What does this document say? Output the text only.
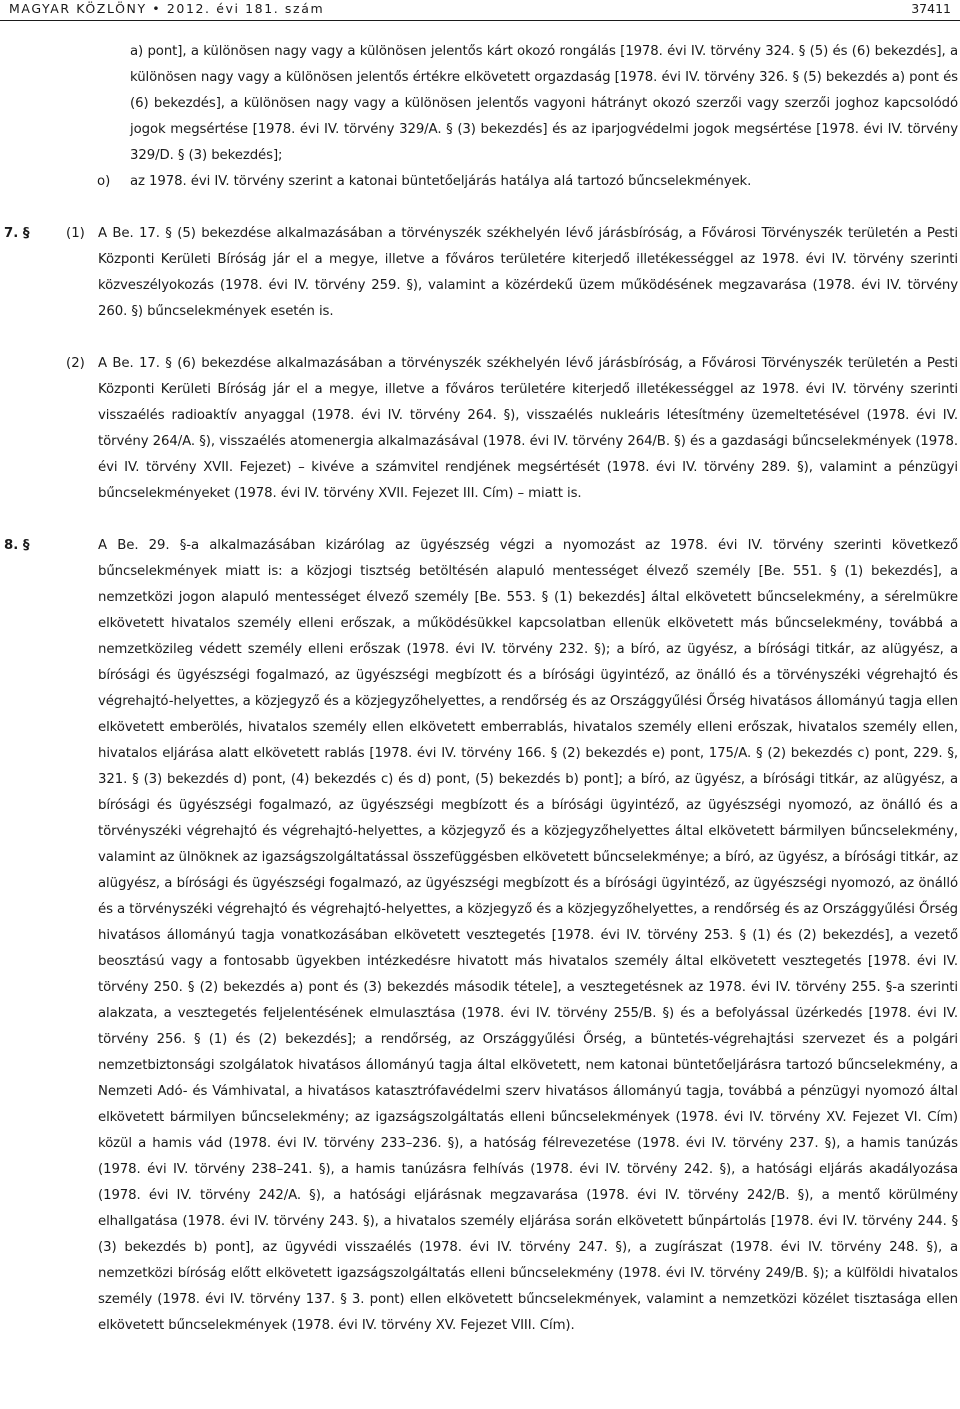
MAGYAR KÖZLÖNY • 2012. évi 181. szám	37411
a) pont], a különösen nagy vagy a különösen jelentős kárt okozó rongálás [1978. évi IV. törvény 324. § (5) és (6) bekezdés], a különösen nagy vagy a különösen jelentős értékre elkövetett orgazdaság [1978. évi IV. törvény 326. § (5) bekezdés a) pont és (6) bekezdés], a különösen nagy vagy a különösen jelentős vagyoni hátrányt okozó szerzői vagy szerzői joghoz kapcsolódó jogok megsértése [1978. évi IV. törvény 329/A. § (3) bekezdés] és az iparjogvédelmi jogok megsértése [1978. évi IV. törvény 329/D. § (3) bekezdés];
o) az 1978. évi IV. törvény szerint a katonai büntetőeljárás hatálya alá tartozó bűncselekmények.
7. §	(1) A Be. 17. § (5) bekezdése alkalmazásában a törvényszék székhelyén lévő járásbíróság, a Fővárosi Törvényszék területén a Pesti Központi Kerületi Bíróság jár el a megye, illetve a főváros területére kiterjedő illetékességgel az 1978. évi IV. törvény szerinti közveszélyokozás (1978. évi IV. törvény 259. §), valamint a közérdekű üzem működésének megzavarása (1978. évi IV. törvény 260. §) bűncselekmények esetén is.
(2) A Be. 17. § (6) bekezdése alkalmazásában a törvényszék székhelyén lévő járásbíróság, a Fővárosi Törvényszék területén a Pesti Központi Kerületi Bíróság jár el a megye, illetve a főváros területére kiterjedő illetékességgel az 1978. évi IV. törvény szerinti visszaélés radioaktív anyaggal (1978. évi IV. törvény 264. §), visszaélés nukleáris létesítmény üzemeltetésével (1978. évi IV. törvény 264/A. §), visszaélés atomenergia alkalmazásával (1978. évi IV. törvény 264/B. §) és a gazdasági bűncselekmények (1978. évi IV. törvény XVII. Fejezet) – kivéve a számvitel rendjének megsértését (1978. évi IV. törvény 289. §), valamint a pénzügyi bűncselekményeket (1978. évi IV. törvény XVII. Fejezet III. Cím) – miatt is.
8. §	A Be. 29. §-a alkalmazásában kizárólag az ügyészség végzi a nyomozást az 1978. évi IV. törvény szerinti következő bűncselekmények miatt is: a közjogi tisztség betöltésén alapuló mentességet élvező személy [Be. 551. § (1) bekezdés], a nemzetközi jogon alapuló mentességet élvező személy [Be. 553. § (1) bekezdés] által elkövetett bűncselekmény, a sérelmükre elkövetett hivatalos személy elleni erőszak, a működésükkel kapcsolatban ellenük elkövetett más bűncselekmény, továbbá a nemzetközileg védett személy elleni erőszak (1978. évi IV. törvény 232. §); a bíró, az ügyész, a bírósági titkár, az alügyész, a bírósági és ügyészségi fogalmazó, az ügyészségi megbízott és a bírósági ügyintéző, az önálló és a törvényszéki végrehajtó és végrehajtó-helyettes, a közjegyző és a közjegyzőhelyettes, a rendőrség és az Országgyűlési Őrség hivatásos állományú tagja ellen elkövetett emberölés, hivatalos személy ellen elkövetett emberrablás, hivatalos személy elleni erőszak, hivatalos személy ellen, hivatalos eljárása alatt elkövetett rablás [1978. évi IV. törvény 166. § (2) bekezdés e) pont, 175/A. § (2) bekezdés c) pont, 229. §, 321. § (3) bekezdés d) pont, (4) bekezdés c) és d) pont, (5) bekezdés b) pont]; a bíró, az ügyész, a bírósági titkár, az alügyész, a bírósági és ügyészségi fogalmazó, az ügyészségi megbízott és a bírósági ügyintéző, az ügyészségi nyomozó, az önálló és a törvényszéki végrehajtó és végrehajtó-helyettes, a közjegyző és a közjegyzőhelyettes által elkövetett bármilyen bűncselekmény, valamint az ülnöknek az igazságszolgáltatással összefüggésben elkövetett bűncselekménye; a bíró, az ügyész, a bírósági titkár, az alügyész, a bírósági és ügyészségi fogalmazó, az ügyészségi megbízott és a bírósági ügyintéző, az ügyészségi nyomozó, az önálló és a törvényszéki végrehajtó és végrehajtó-helyettes, a közjegyző és a közjegyzőhelyettes, a rendőrség és az Országgyűlési Őrség hivatásos állományú tagja vonatkozásában elkövetett vesztegetés [1978. évi IV. törvény 253. § (1) és (2) bekezdés], a vezető beosztású vagy a fontosabb ügyekben intézkedésre hivatott más hivatalos személy által elkövetett vesztegetés [1978. évi IV. törvény 250. § (2) bekezdés a) pont és (3) bekezdés második tétele], a vesztegetésnek az 1978. évi IV. törvény 255. §-a szerinti alakzata, a vesztegetés feljelentésének elmulasztása (1978. évi IV. törvény 255/B. §) és a befolyással üzérkedés [1978. évi IV. törvény 256. § (1) és (2) bekezdés]; a rendőrség, az Országgyűlési Őrség, a büntetés-végrehajtási szervezet és a polgári nemzetbiztonsági szolgálatok hivatásos állományú tagja által elkövetett, nem katonai büntetőeljárásra tartozó bűncselekmény, a Nemzeti Adó- és Vámhivatal, a hivatásos katasztrófavédelmi szerv hivatásos állományú tagja, továbbá a pénzügyi nyomozó által elkövetett bármilyen bűncselekmény; az igazságszolgáltatás elleni bűncselekmények (1978. évi IV. törvény XV. Fejezet VI. Cím) közül a hamis vád (1978. évi IV. törvény 233–236. §), a hatóság félrevezetése (1978. évi IV. törvény 237. §), a hamis tanúzás (1978. évi IV. törvény 238–241. §), a hamis tanúzásra felhívás (1978. évi IV. törvény 242. §), a hatósági eljárás akadályozása (1978. évi IV. törvény 242/A. §), a hatósági eljárásnak megzavarása (1978. évi IV. törvény 242/B. §), a mentő körülmény elhallgatása (1978. évi IV. törvény 243. §), a hivatalos személy eljárása során elkövetett bűnpártolás [1978. évi IV. törvény 244. § (3) bekezdés b) pont], az ügyvédi visszaélés (1978. évi IV. törvény 247. §), a zugírászat (1978. évi IV. törvény 248. §), a nemzetközi bíróság előtt elkövetett igazságszolgáltatás elleni bűncselekmény (1978. évi IV. törvény 249/B. §); a külföldi hivatalos személy (1978. évi IV. törvény 137. § 3. pont) ellen elkövetett bűncselekmények, valamint a nemzetközi közélet tisztasága ellen elkövetett bűncselekmények (1978. évi IV. törvény XV. Fejezet VIII. Cím).
